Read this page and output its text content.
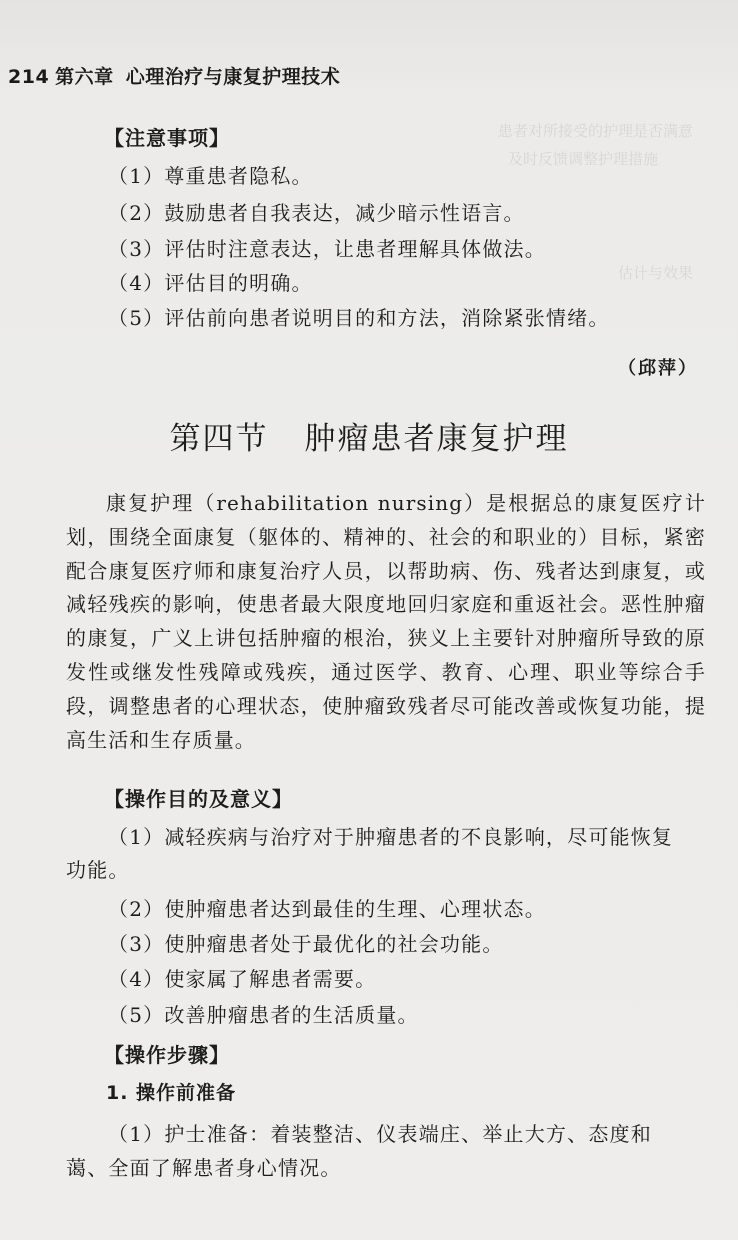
患者对所接受的护理是否满意
及时反馈调整护理措施
估计与效果
214 第六章 心理治疗与康复护理技术
【注意事项】
（1）尊重患者隐私。
（2）鼓励患者自我表达，减少暗示性语言。
（3）评估时注意表达，让患者理解具体做法。
（4）评估目的明确。
（5）评估前向患者说明目的和方法，消除紧张情绪。
（邱萍）
第四节 肿瘤患者康复护理

康复护理（rehabilitation nursing）是根据总的康复医疗计划，围绕全面康复（躯体的、精神的、社会的和职业的）目标，紧密配合康复医疗师和康复治疗人员，以帮助病、伤、残者达到康复，或减轻残疾的影响，使患者最大限度地回归家庭和重返社会。恶性肿瘤的康复，广义上讲包括肿瘤的根治，狭义上主要针对肿瘤所导致的原发性或继发性残障或残疾，通过医学、教育、心理、职业等综合手段，调整患者的心理状态，使肿瘤致残者尽可能改善或恢复功能，提高生活和生存质量。

【操作目的及意义】
（1）减轻疾病与治疗对于肿瘤患者的不良影响，尽可能恢复
功能。
（2）使肿瘤患者达到最佳的生理、心理状态。
（3）使肿瘤患者处于最优化的社会功能。
（4）使家属了解患者需要。
（5）改善肿瘤患者的生活质量。
【操作步骤】
1. 操作前准备
（1）护士准备：着装整洁、仪表端庄、举止大方、态度和
蔼、全面了解患者身心情况。
